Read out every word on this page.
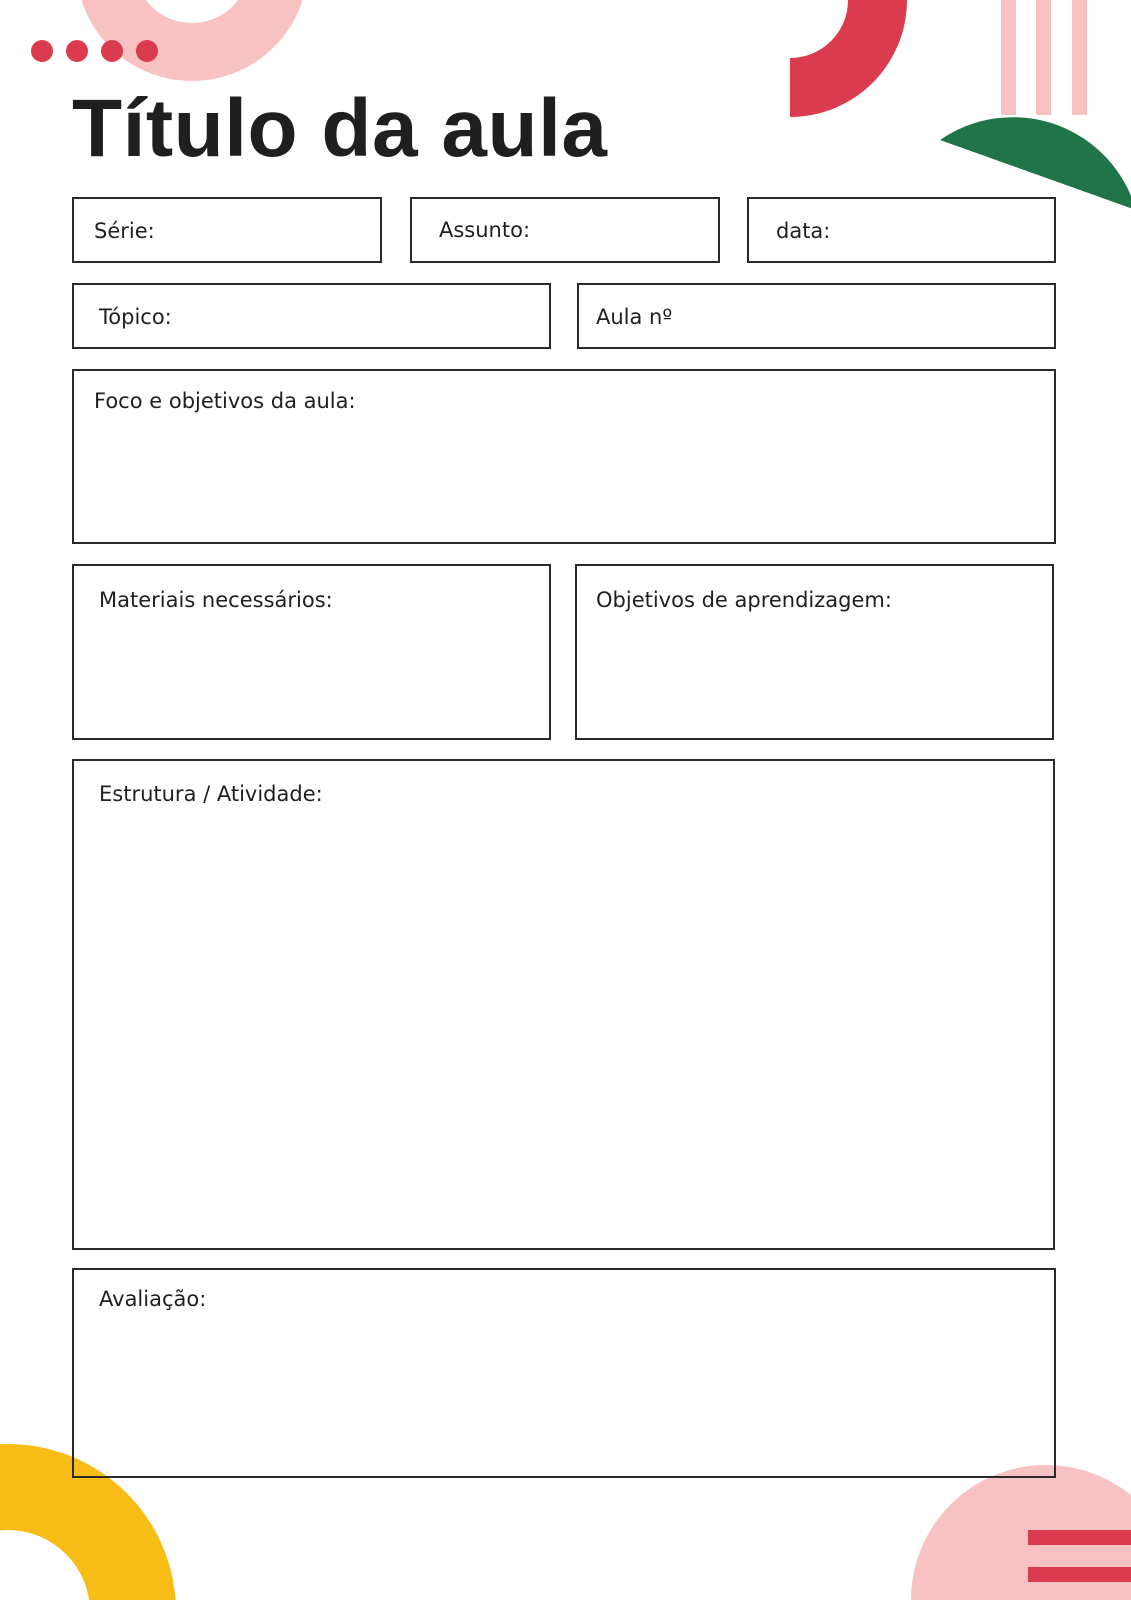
Título da aula
Série:	Assunto:	data:
Tópico:	Aula nº
Foco e objetivos da aula:
Materiais necessários:	Objetivos de aprendizagem:
Estrutura / Atividade:
Avaliação:
